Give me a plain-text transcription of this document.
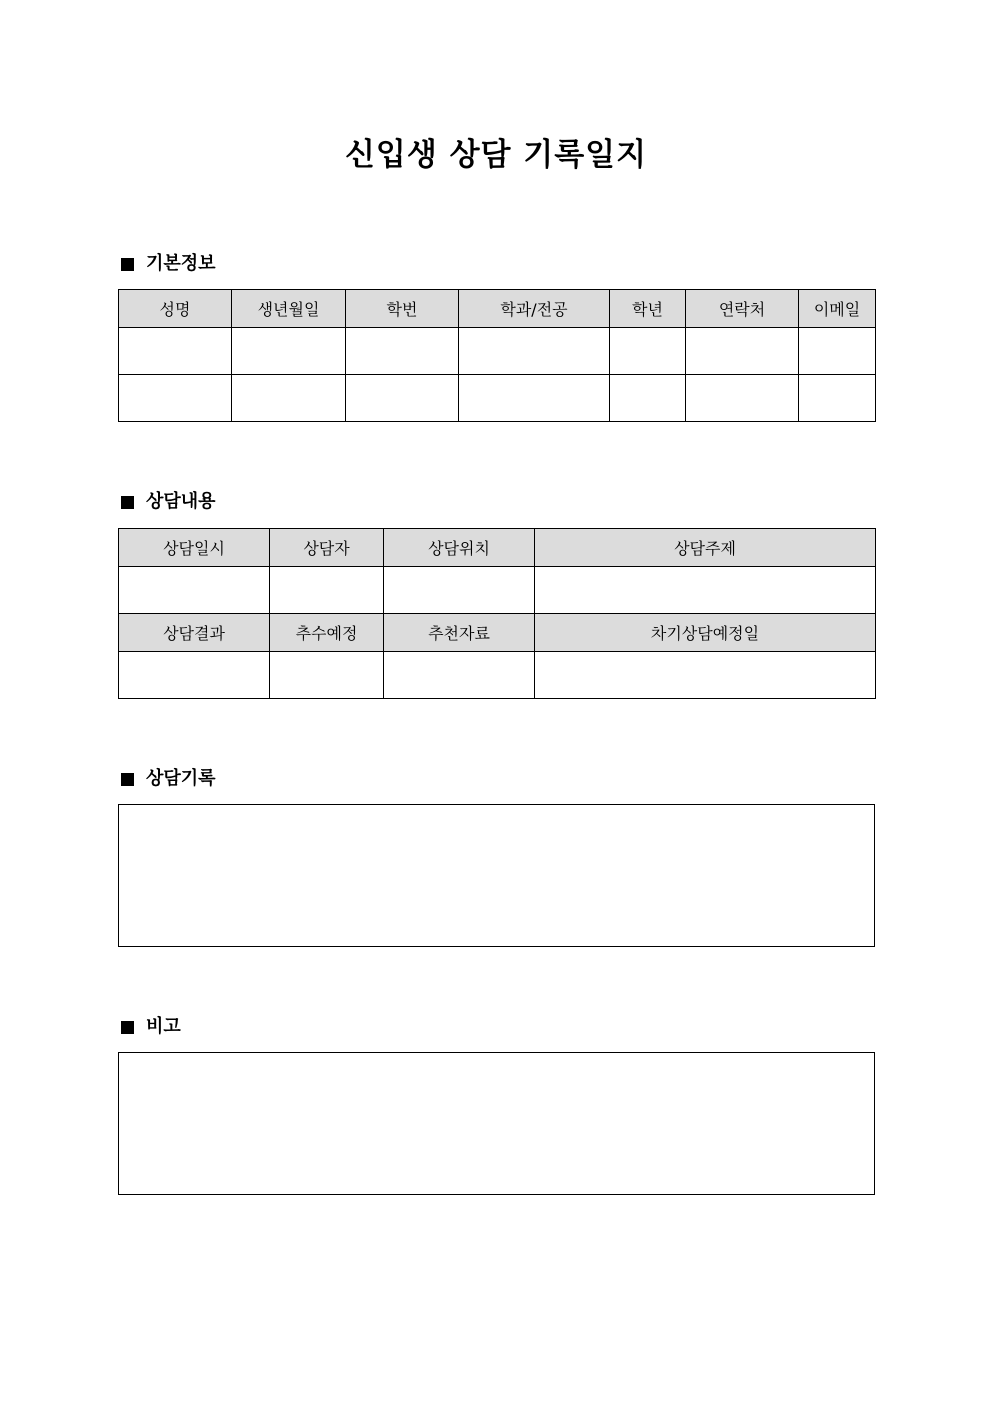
신입생 상담 기록일지
기본정보
성명	생년월일	학번	학과/전공	학년	연락처	이메일

상담내용
상담일시	상담자	상담위치	상담주제

상담결과	추수예정	추천자료	차기상담예정일

상담기록
비고
